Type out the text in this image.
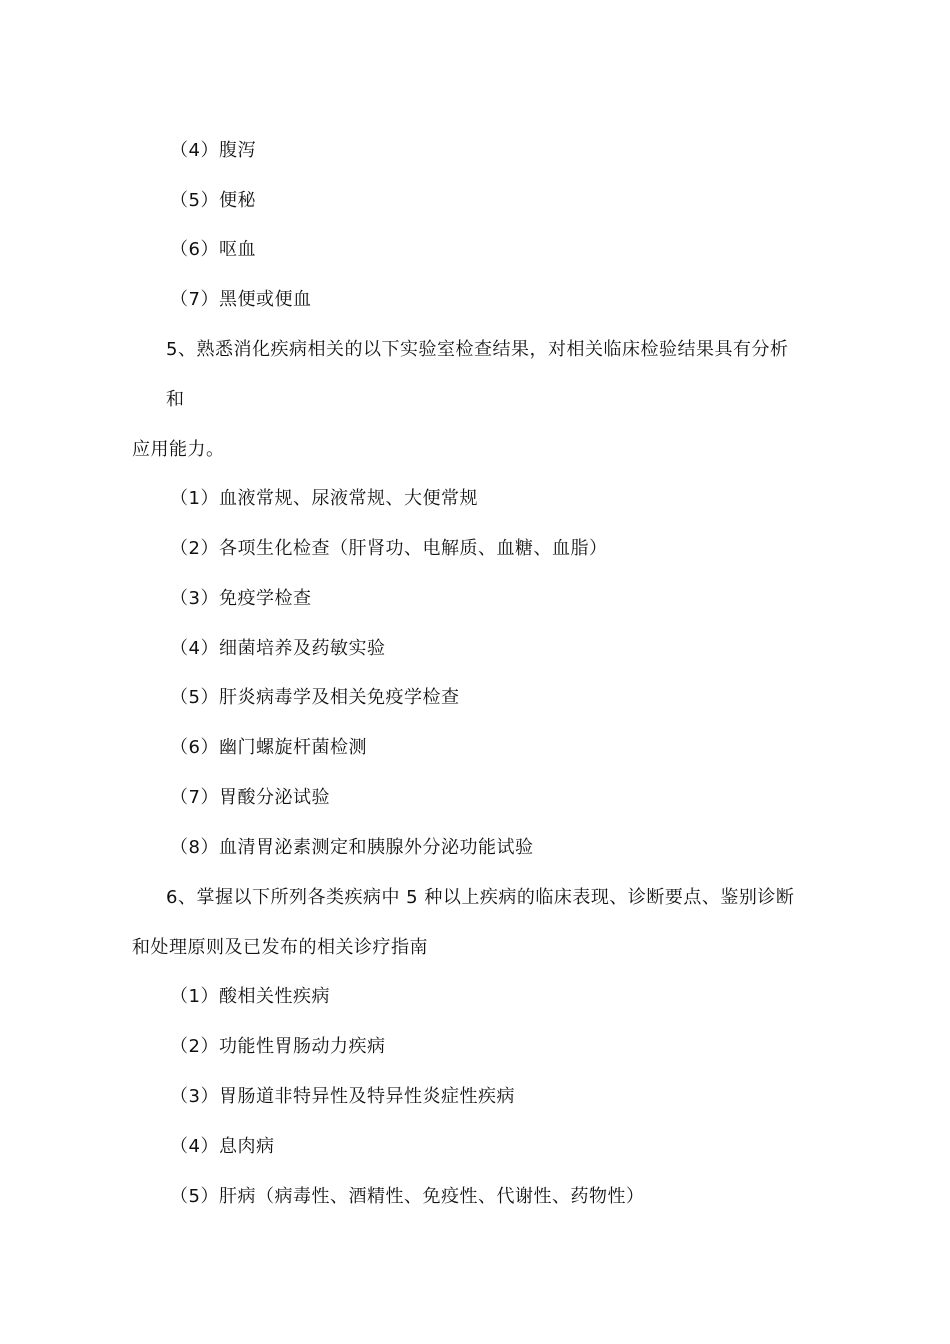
（4）腹泻
（5）便秘
（6）呕血
（7）黑便或便血
5、熟悉消化疾病相关的以下实验室检查结果，对相关临床检验结果具有分析
和
应用能力。
（1）血液常规、尿液常规、大便常规
（2）各项生化检查（肝肾功、电解质、血糖、血脂）
（3）免疫学检查
（4）细菌培养及药敏实验
（5）肝炎病毒学及相关免疫学检查
（6）幽门螺旋杆菌检测
（7）胃酸分泌试验
（8）血清胃泌素测定和胰腺外分泌功能试验
6、掌握以下所列各类疾病中 5 种以上疾病的临床表现、诊断要点、鉴别诊断
和处理原则及已发布的相关诊疗指南
（1）酸相关性疾病
（2）功能性胃肠动力疾病
（3）胃肠道非特异性及特异性炎症性疾病
（4）息肉病
（5）肝病（病毒性、酒精性、免疫性、代谢性、药物性）
